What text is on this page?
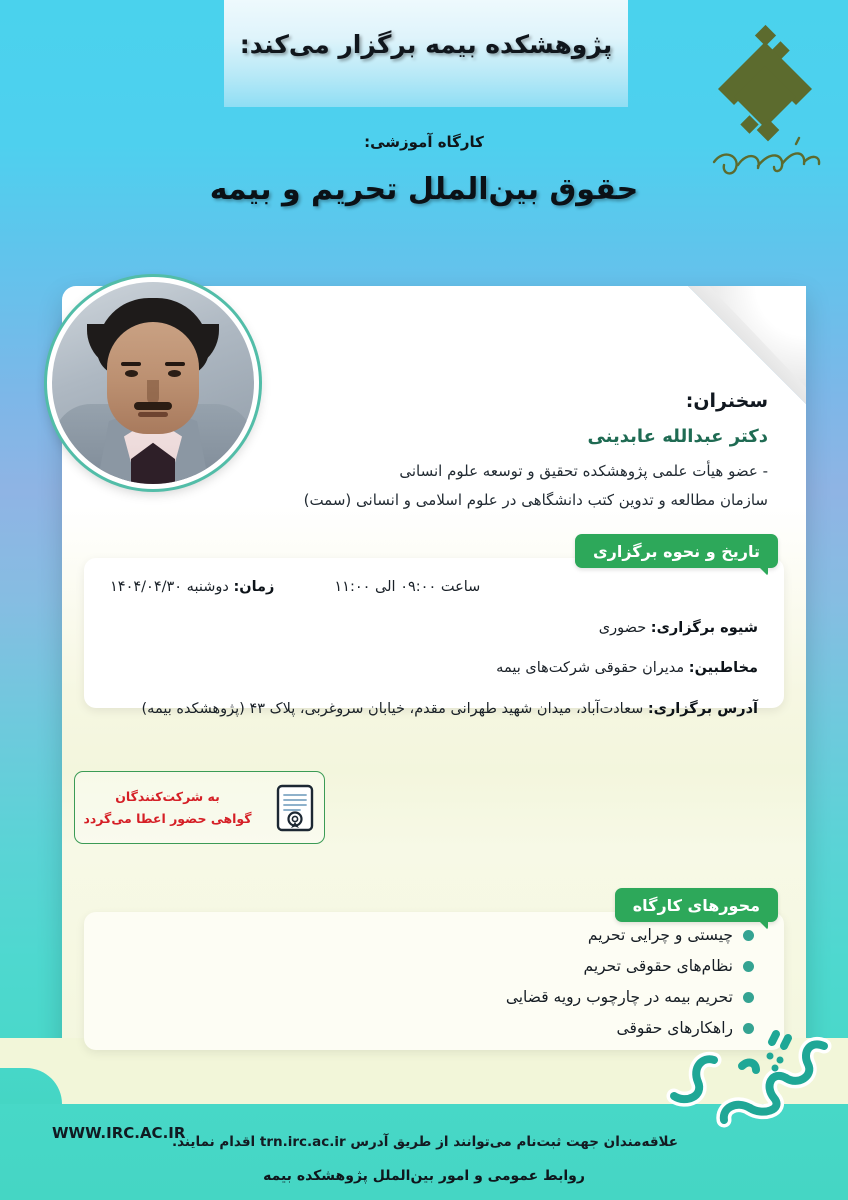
پژوهشکده بیمه برگزار می‌کند:
کارگاه آموزشی:
حقوق بین‌الملل تحریم و بیمه
سخنران:
دکتر عبدالله عابدینی
- عضو هیأت علمی پژوهشکده تحقیق و توسعه علوم انسانی
سازمان مطالعه و تدوین کتب دانشگاهی در علوم اسلامی و انسانی (سمت)
تاریخ و نحوه برگزاری
ساعت ۰۹:۰۰ الی ۱۱:۰۰
زمان: دوشنبه ۱۴۰۴/۰۴/۳۰
شیوه برگزاری: حضوری
مخاطبین: مدیران حقوقی شرکت‌های بیمه
آدرس برگزاری: سعادت‌آباد، میدان شهید طهرانی مقدم، خیابان سروغربی، پلاک ۴۳ (پژوهشکده بیمه)
محورهای کارگاه
چیستی و چرایی تحریم
نظام‌های حقوقی تحریم
تحریم بیمه در چارچوب رویه قضایی
راهکارهای حقوقی
به شرکت‌کنندگان
گواهی حضور اعطا می‌گردد
WWW.IRC.AC.IR
علاقه‌مندان جهت ثبت‌نام می‌توانند از طریق آدرس trn.irc.ac.ir اقدام نمایند.
روابط عمومی و امور بین‌الملل پژوهشکده بیمه
